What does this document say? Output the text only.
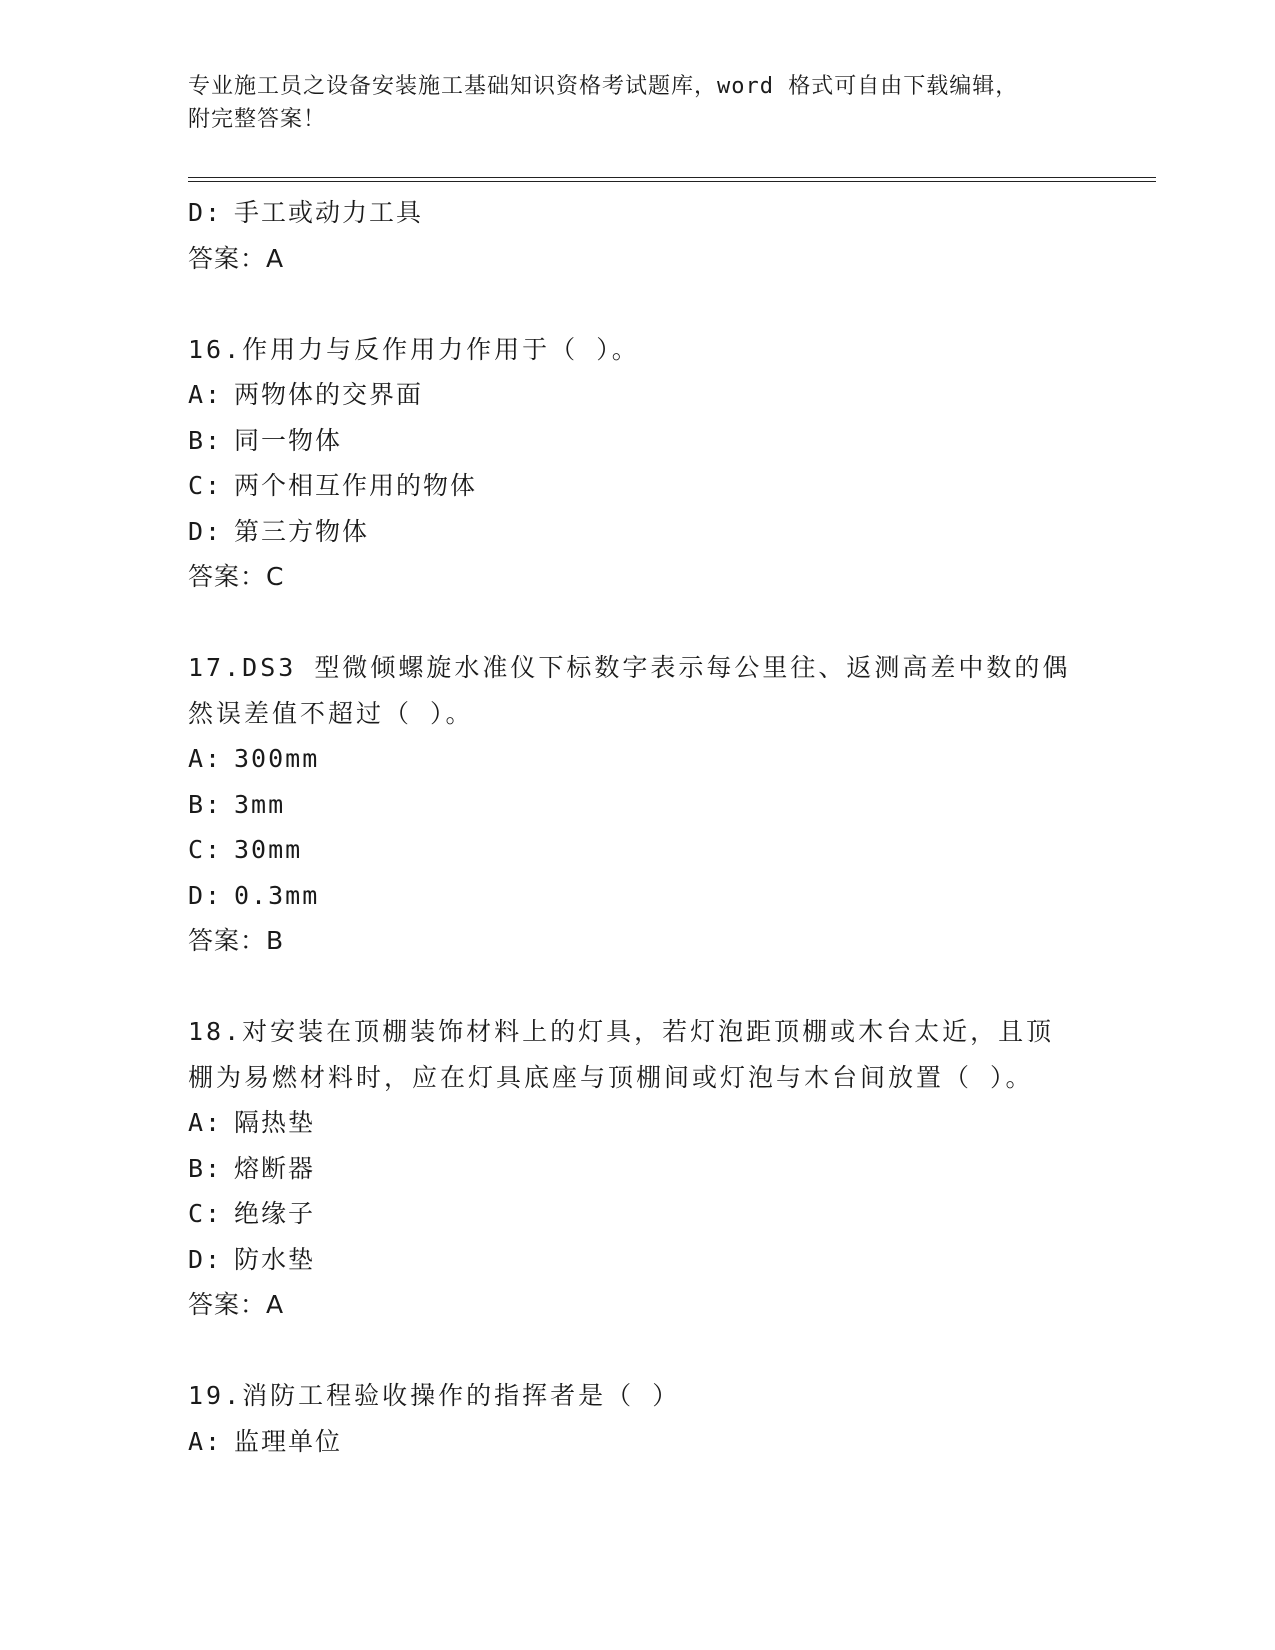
专业施工员之设备安装施工基础知识资格考试题库，word 格式可自由下载编辑，
附完整答案！
D: 手工或动力工具
答案：A
16.作用力与反作用力作用于（ ）。
A: 两物体的交界面
B: 同一物体
C: 两个相互作用的物体
D: 第三方物体
答案：C
17.DS3 型微倾螺旋水准仪下标数字表示每公里往、返测高差中数的偶
然误差值不超过（ ）。
A: 300mm
B: 3mm
C: 30mm
D: 0.3mm
答案：B
18.对安装在顶棚装饰材料上的灯具，若灯泡距顶棚或木台太近，且顶
棚为易燃材料时，应在灯具底座与顶棚间或灯泡与木台间放置（ ）。
A: 隔热垫
B: 熔断器
C: 绝缘子
D: 防水垫
答案：A
19.消防工程验收操作的指挥者是（ ）
A: 监理单位
